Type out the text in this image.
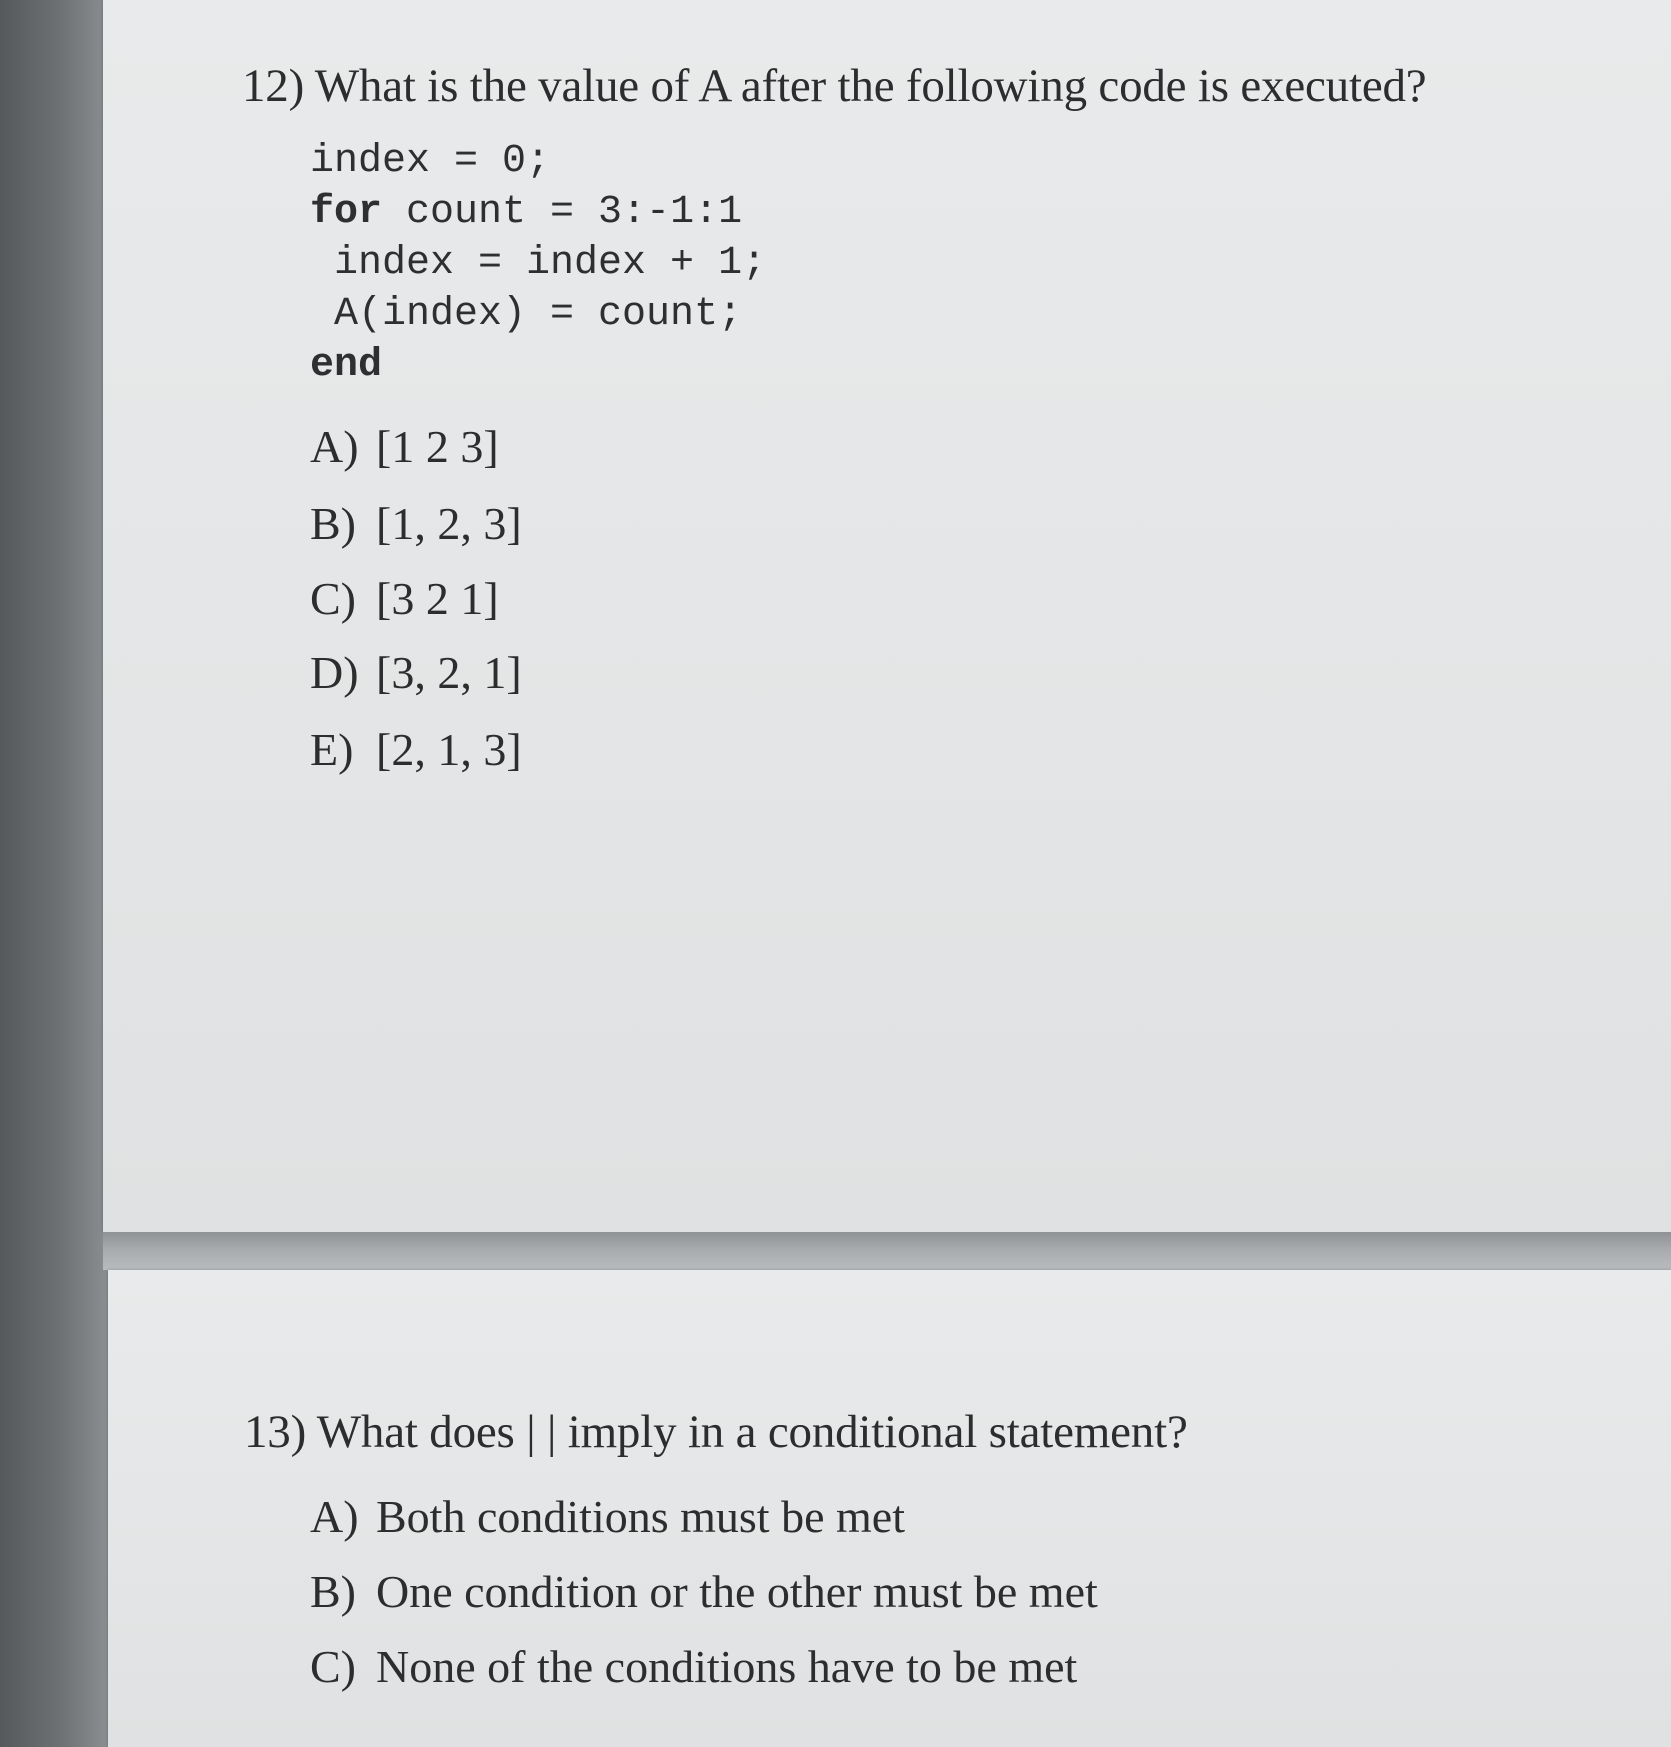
12) What is the value of A after the following code is executed?
index = 0;
for count = 3:-1:1
index = index + 1;
A(index) = count;
end
A) [1 2 3]
B) [1, 2, 3]
C) [3 2 1]
D) [3, 2, 1]
E) [2, 1, 3]
13) What does | | imply in a conditional statement?
A) Both conditions must be met
B) One condition or the other must be met
C) None of the conditions have to be met
